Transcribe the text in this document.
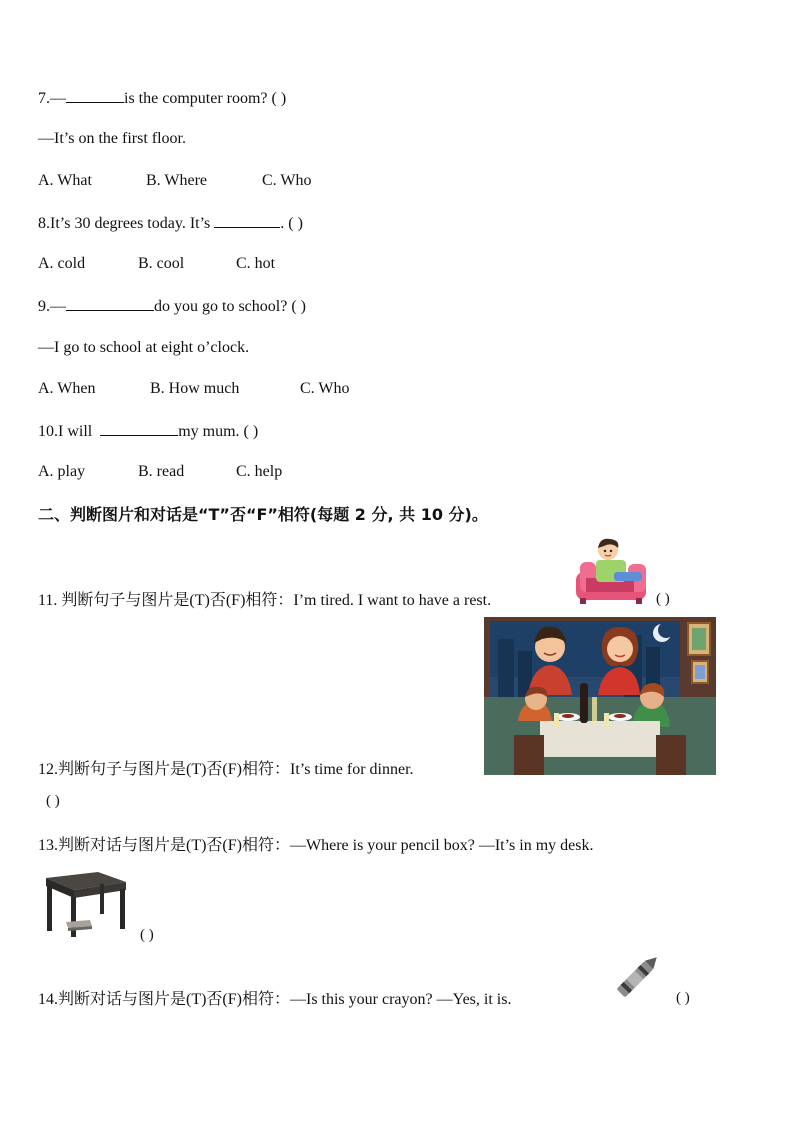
7.—	is the computer room? ( )
—It’s on the first floor.
A. What	B. Where	C. Who
8.It’s 30 degrees today. It’s	. ( )
A. cold	B. cool	C. hot
9.—	do you go to school? ( )
—I go to school at eight o’clock.
A. When	B. How much	C. Who
10.I will	my mum. ( )
A. play	B. read	C. help
二、判断图片和对话是“T”否“F”相符(每题 2 分, 共 10 分)。
11. 判断句子与图片是(T)否(F)相符：I’m tired. I want to have a rest.	( )
12.判断句子与图片是(T)否(F)相符：It’s time for dinner.
( )
13.判断对话与图片是(T)否(F)相符：—Where is your pencil box? —It’s in my desk.
( )
14.判断对话与图片是(T)否(F)相符：—Is this your crayon? —Yes, it is.	( )
